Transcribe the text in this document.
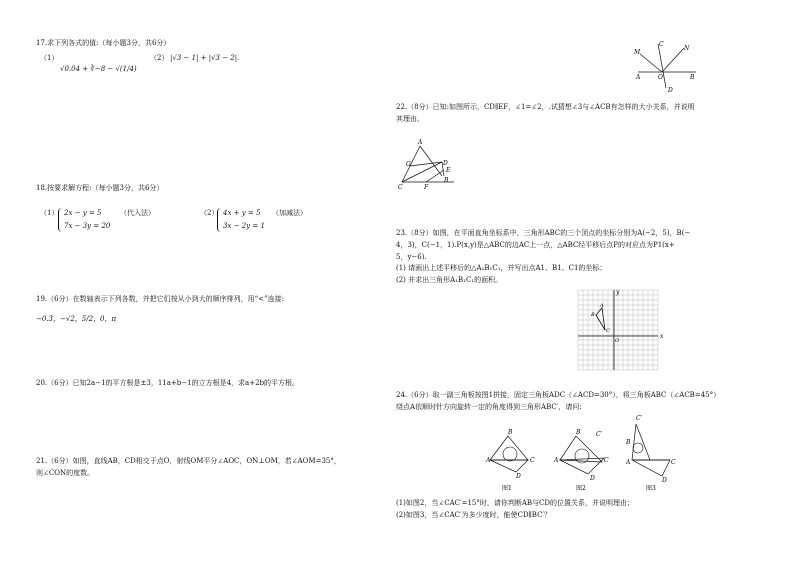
17.求下列各式的值:（每小题3分，共6分）
（1）
√0.04 + ∛−8 − √(1/4)
（2） |√3 − 1| + |√3 − 2|.
18.按要求解方程:（每小题3分，共6分）
（1） 2x − y = 5
7x − 3y = 20
（代入法）	（2） 4x + y = 5
3x − 2y = 1
（加减法）
19.（6分）在数轴表示下列各数，并把它们按从小到大的顺序排列，用“<”连接:
−0.3̇，−√2，5/2，0，π
20.（6分）已知2a−1的平方根是±3，11a+b−1的立方根是4，求a+2b的平方根。
21.（6分）如图，直线AB，CD相交于点O，射线OM平分∠AOC，ON⊥OM，若∠AOM=35°，
则∠CON的度数。
M
C
N
A	O	B
D
22.（8分）已知:如图所示，CD∥EF，∠1=∠2，.试猜想∠3与∠ACB有怎样的大小关系，并说明
其理由。
A
G	D
E
B
C	F
23.（8分）如图，在平面直角坐标系中，三角形ABC的三个顶点的坐标分别为A(−2，5)，B(−
4，3)，C(−1，1).P(x,y)是△ABC的边AC上一点，△ABC经平移后点P的对应点为P1(x+
5，y−6).
(1) 请画出上述平移后的△A₁B₁C₁，并写出点A1、B1、C1的坐标；
(2) 并求出三角形A₁B₁C₁的面积。
y
x
O
A
B
C
24.（6分）取一副三角板按图1拼接，固定三角板ADC（∠ACD=30°），将三角板ABC（∠ACB=45°）
绕点A依顺时针方向旋转一定的角度得到三角形ABC′，请问:
B
A	C
D
图1
C′
A	C
B
D
图2
C′
B
A	C
D
图3
(1)如图2，当∠CAC′=15°时，请你判断AB与CD的位置关系，并说明理由；
(2)如图3，当∠CAC′为多少度时，能使CD∥BC′？
